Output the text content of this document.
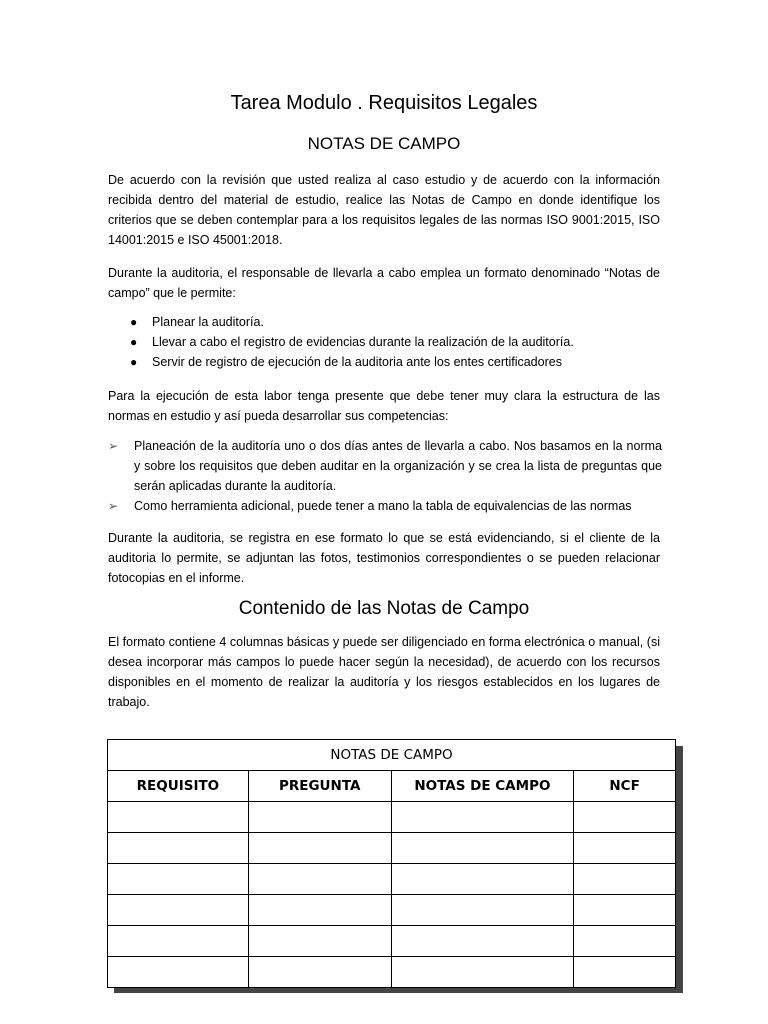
Tarea Modulo . Requisitos Legales
NOTAS DE CAMPO
De acuerdo con la revisión que usted realiza al caso estudio y de acuerdo con la información recibida dentro del material de estudio, realice las Notas de Campo en donde identifique los criterios que se deben contemplar para a los requisitos legales de las normas ISO 9001:2015, ISO 14001:2015 e ISO 45001:2018.
Durante la auditoria, el responsable de llevarla a cabo emplea un formato denominado “Notas de campo” que le permite:
● Planear la auditoría.
● Llevar a cabo el registro de evidencias durante la realización de la auditoría.
● Servir de registro de ejecución de la auditoria ante los entes certificadores
Para la ejecución de esta labor tenga presente que debe tener muy clara la estructura de las normas en estudio y así pueda desarrollar sus competencias:
➢ Planeación de la auditoría uno o dos días antes de llevarla a cabo. Nos basamos en la norma y sobre los requisitos que deben auditar en la organización y se crea la lista de preguntas que serán aplicadas durante la auditoría.
➢ Como herramienta adicional, puede tener a mano la tabla de equivalencias de las normas
Durante la auditoria, se registra en ese formato lo que se está evidenciando, si el cliente de la auditoria lo permite, se adjuntan las fotos, testimonios correspondientes o se pueden relacionar fotocopias en el informe.
Contenido de las Notas de Campo
El formato contiene 4 columnas básicas y puede ser diligenciado en forma electrónica o manual, (si desea incorporar más campos lo puede hacer según la necesidad), de acuerdo con los recursos disponibles en el momento de realizar la auditoría y los riesgos establecidos en los lugares de trabajo.
NOTAS DE CAMPO			
REQUISITO	PREGUNTA	NOTAS DE CAMPO	NCF
